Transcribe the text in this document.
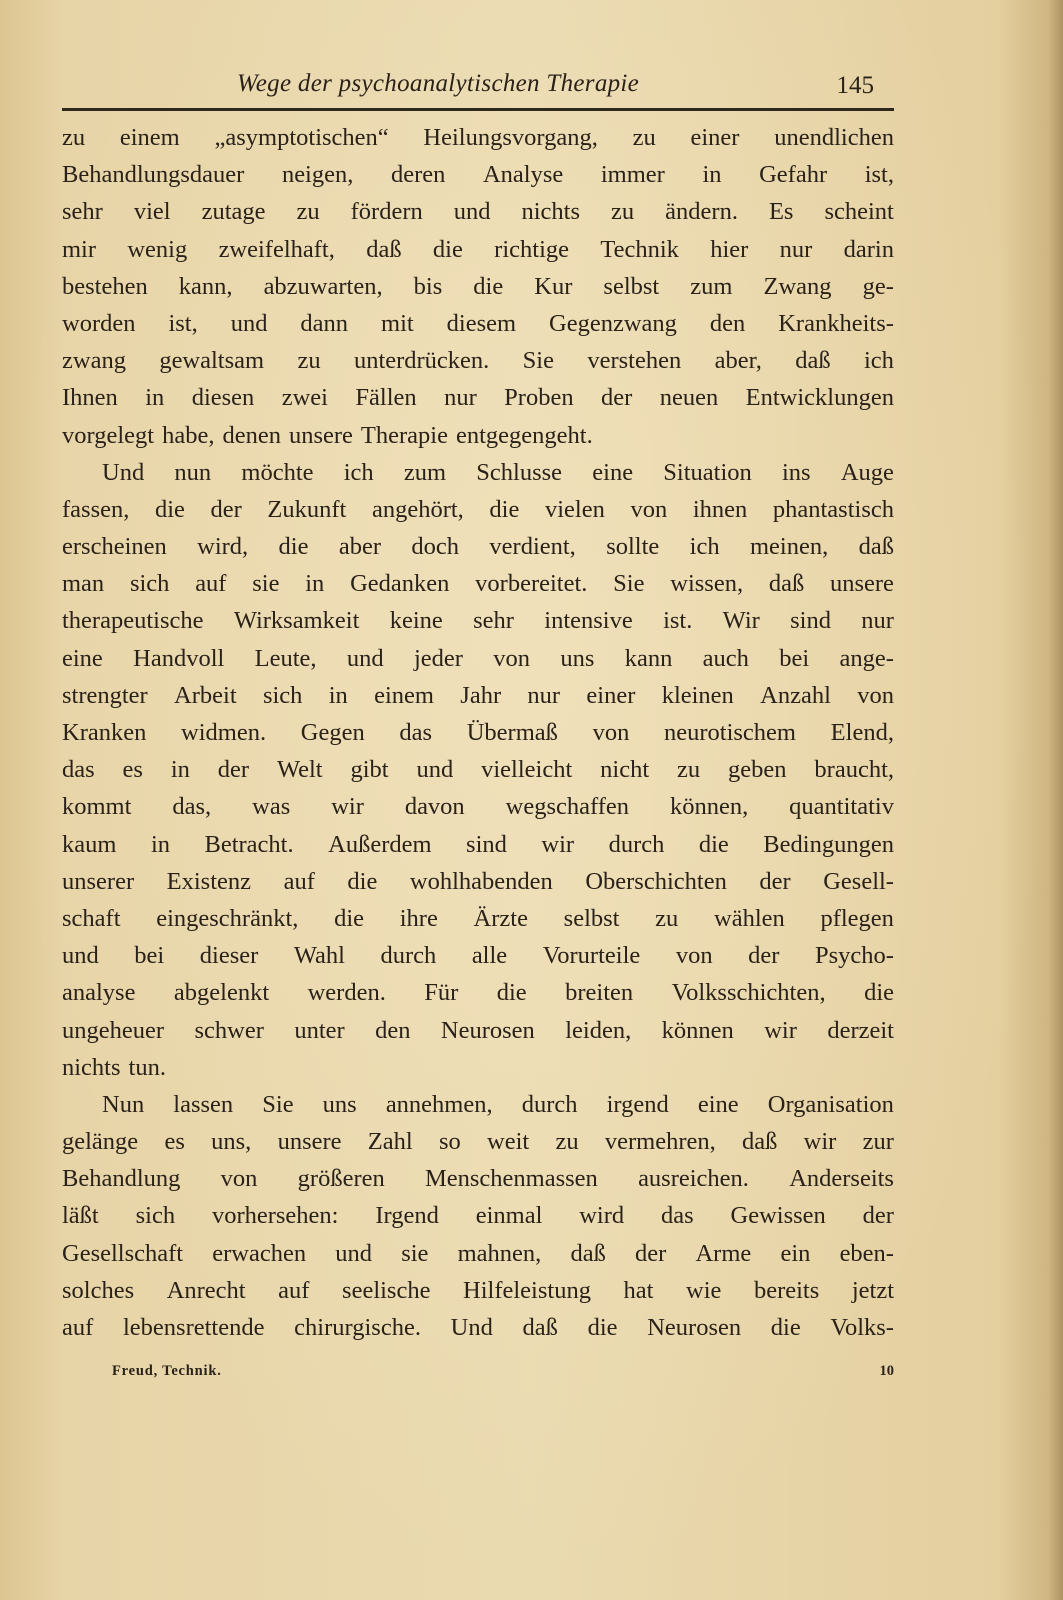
Wege der psychoanalytischen Therapie	145
zu einem „asymptotischen“ Heilungsvorgang, zu einer unendlichen
Behandlungsdauer neigen, deren Analyse immer in Gefahr ist,
sehr viel zutage zu fördern und nichts zu ändern. Es scheint
mir wenig zweifelhaft, daß die richtige Technik hier nur darin
bestehen kann, abzuwarten, bis die Kur selbst zum Zwang ge-
worden ist, und dann mit diesem Gegenzwang den Krankheits-
zwang gewaltsam zu unterdrücken. Sie verstehen aber, daß ich
Ihnen in diesen zwei Fällen nur Proben der neuen Entwicklungen
vorgelegt habe, denen unsere Therapie entgegengeht.
Und nun möchte ich zum Schlusse eine Situation ins Auge
fassen, die der Zukunft angehört, die vielen von ihnen phantastisch
erscheinen wird, die aber doch verdient, sollte ich meinen, daß
man sich auf sie in Gedanken vorbereitet. Sie wissen, daß unsere
therapeutische Wirksamkeit keine sehr intensive ist. Wir sind nur
eine Handvoll Leute, und jeder von uns kann auch bei ange-
strengter Arbeit sich in einem Jahr nur einer kleinen Anzahl von
Kranken widmen. Gegen das Übermaß von neurotischem Elend,
das es in der Welt gibt und vielleicht nicht zu geben braucht,
kommt das, was wir davon wegschaffen können, quantitativ
kaum in Betracht. Außerdem sind wir durch die Bedingungen
unserer Existenz auf die wohlhabenden Oberschichten der Gesell-
schaft eingeschränkt, die ihre Ärzte selbst zu wählen pflegen
und bei dieser Wahl durch alle Vorurteile von der Psycho-
analyse abgelenkt werden. Für die breiten Volksschichten, die
ungeheuer schwer unter den Neurosen leiden, können wir derzeit
nichts tun.
Nun lassen Sie uns annehmen, durch irgend eine Organisation
gelänge es uns, unsere Zahl so weit zu vermehren, daß wir zur
Behandlung von größeren Menschenmassen ausreichen. Anderseits
läßt sich vorhersehen: Irgend einmal wird das Gewissen der
Gesellschaft erwachen und sie mahnen, daß der Arme ein eben-
solches Anrecht auf seelische Hilfeleistung hat wie bereits jetzt
auf lebensrettende chirurgische. Und daß die Neurosen die Volks-
Freud, Technik.	10
